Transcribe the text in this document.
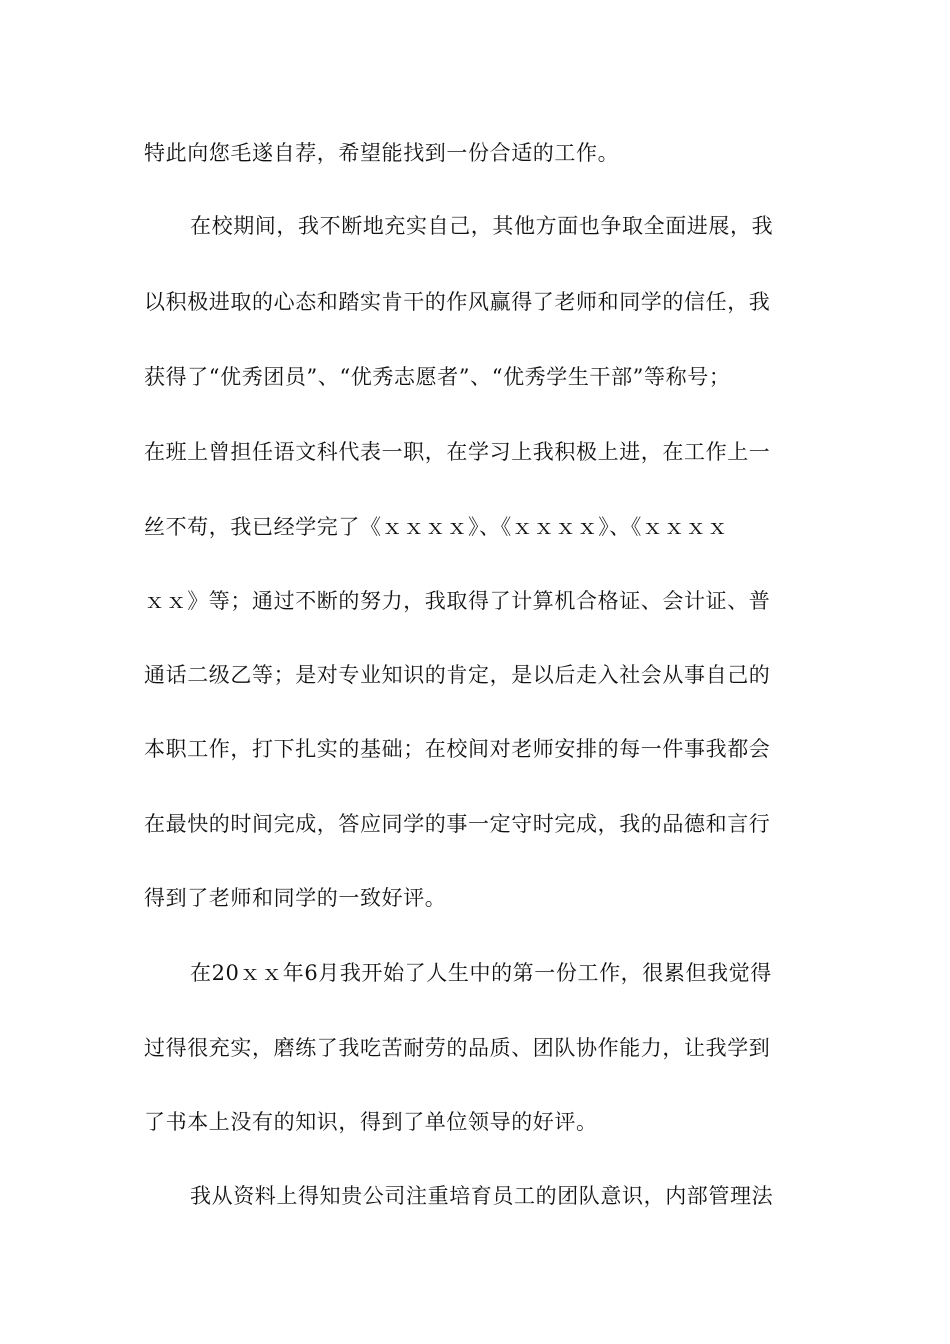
特此向您毛遂自荐，希望能找到一份合适的工作。
在校期间，我不断地充实自己，其他方面也争取全面进展，我
以积极进取的心态和踏实肯干的作风赢得了老师和同学的信任，我
获得了“优秀团员”、“优秀志愿者”、“优秀学生干部”等称号；
在班上曾担任语文科代表一职，在学习上我积极上进，在工作上一
丝不苟，我已经学完了《ｘｘｘｘ》、《ｘｘｘｘ》、《ｘｘｘｘ
ｘｘ》等；通过不断的努力，我取得了计算机合格证、会计证、普
通话二级乙等；是对专业知识的肯定，是以后走入社会从事自己的
本职工作，打下扎实的基础；在校间对老师安排的每一件事我都会
在最快的时间完成，答应同学的事一定守时完成，我的品德和言行
得到了老师和同学的一致好评。
在20ｘｘ年6月我开始了人生中的第一份工作，很累但我觉得
过得很充实，磨练了我吃苦耐劳的品质、团队协作能力，让我学到
了书本上没有的知识，得到了单位领导的好评。
我从资料上得知贵公司注重培育员工的团队意识，内部管理法
